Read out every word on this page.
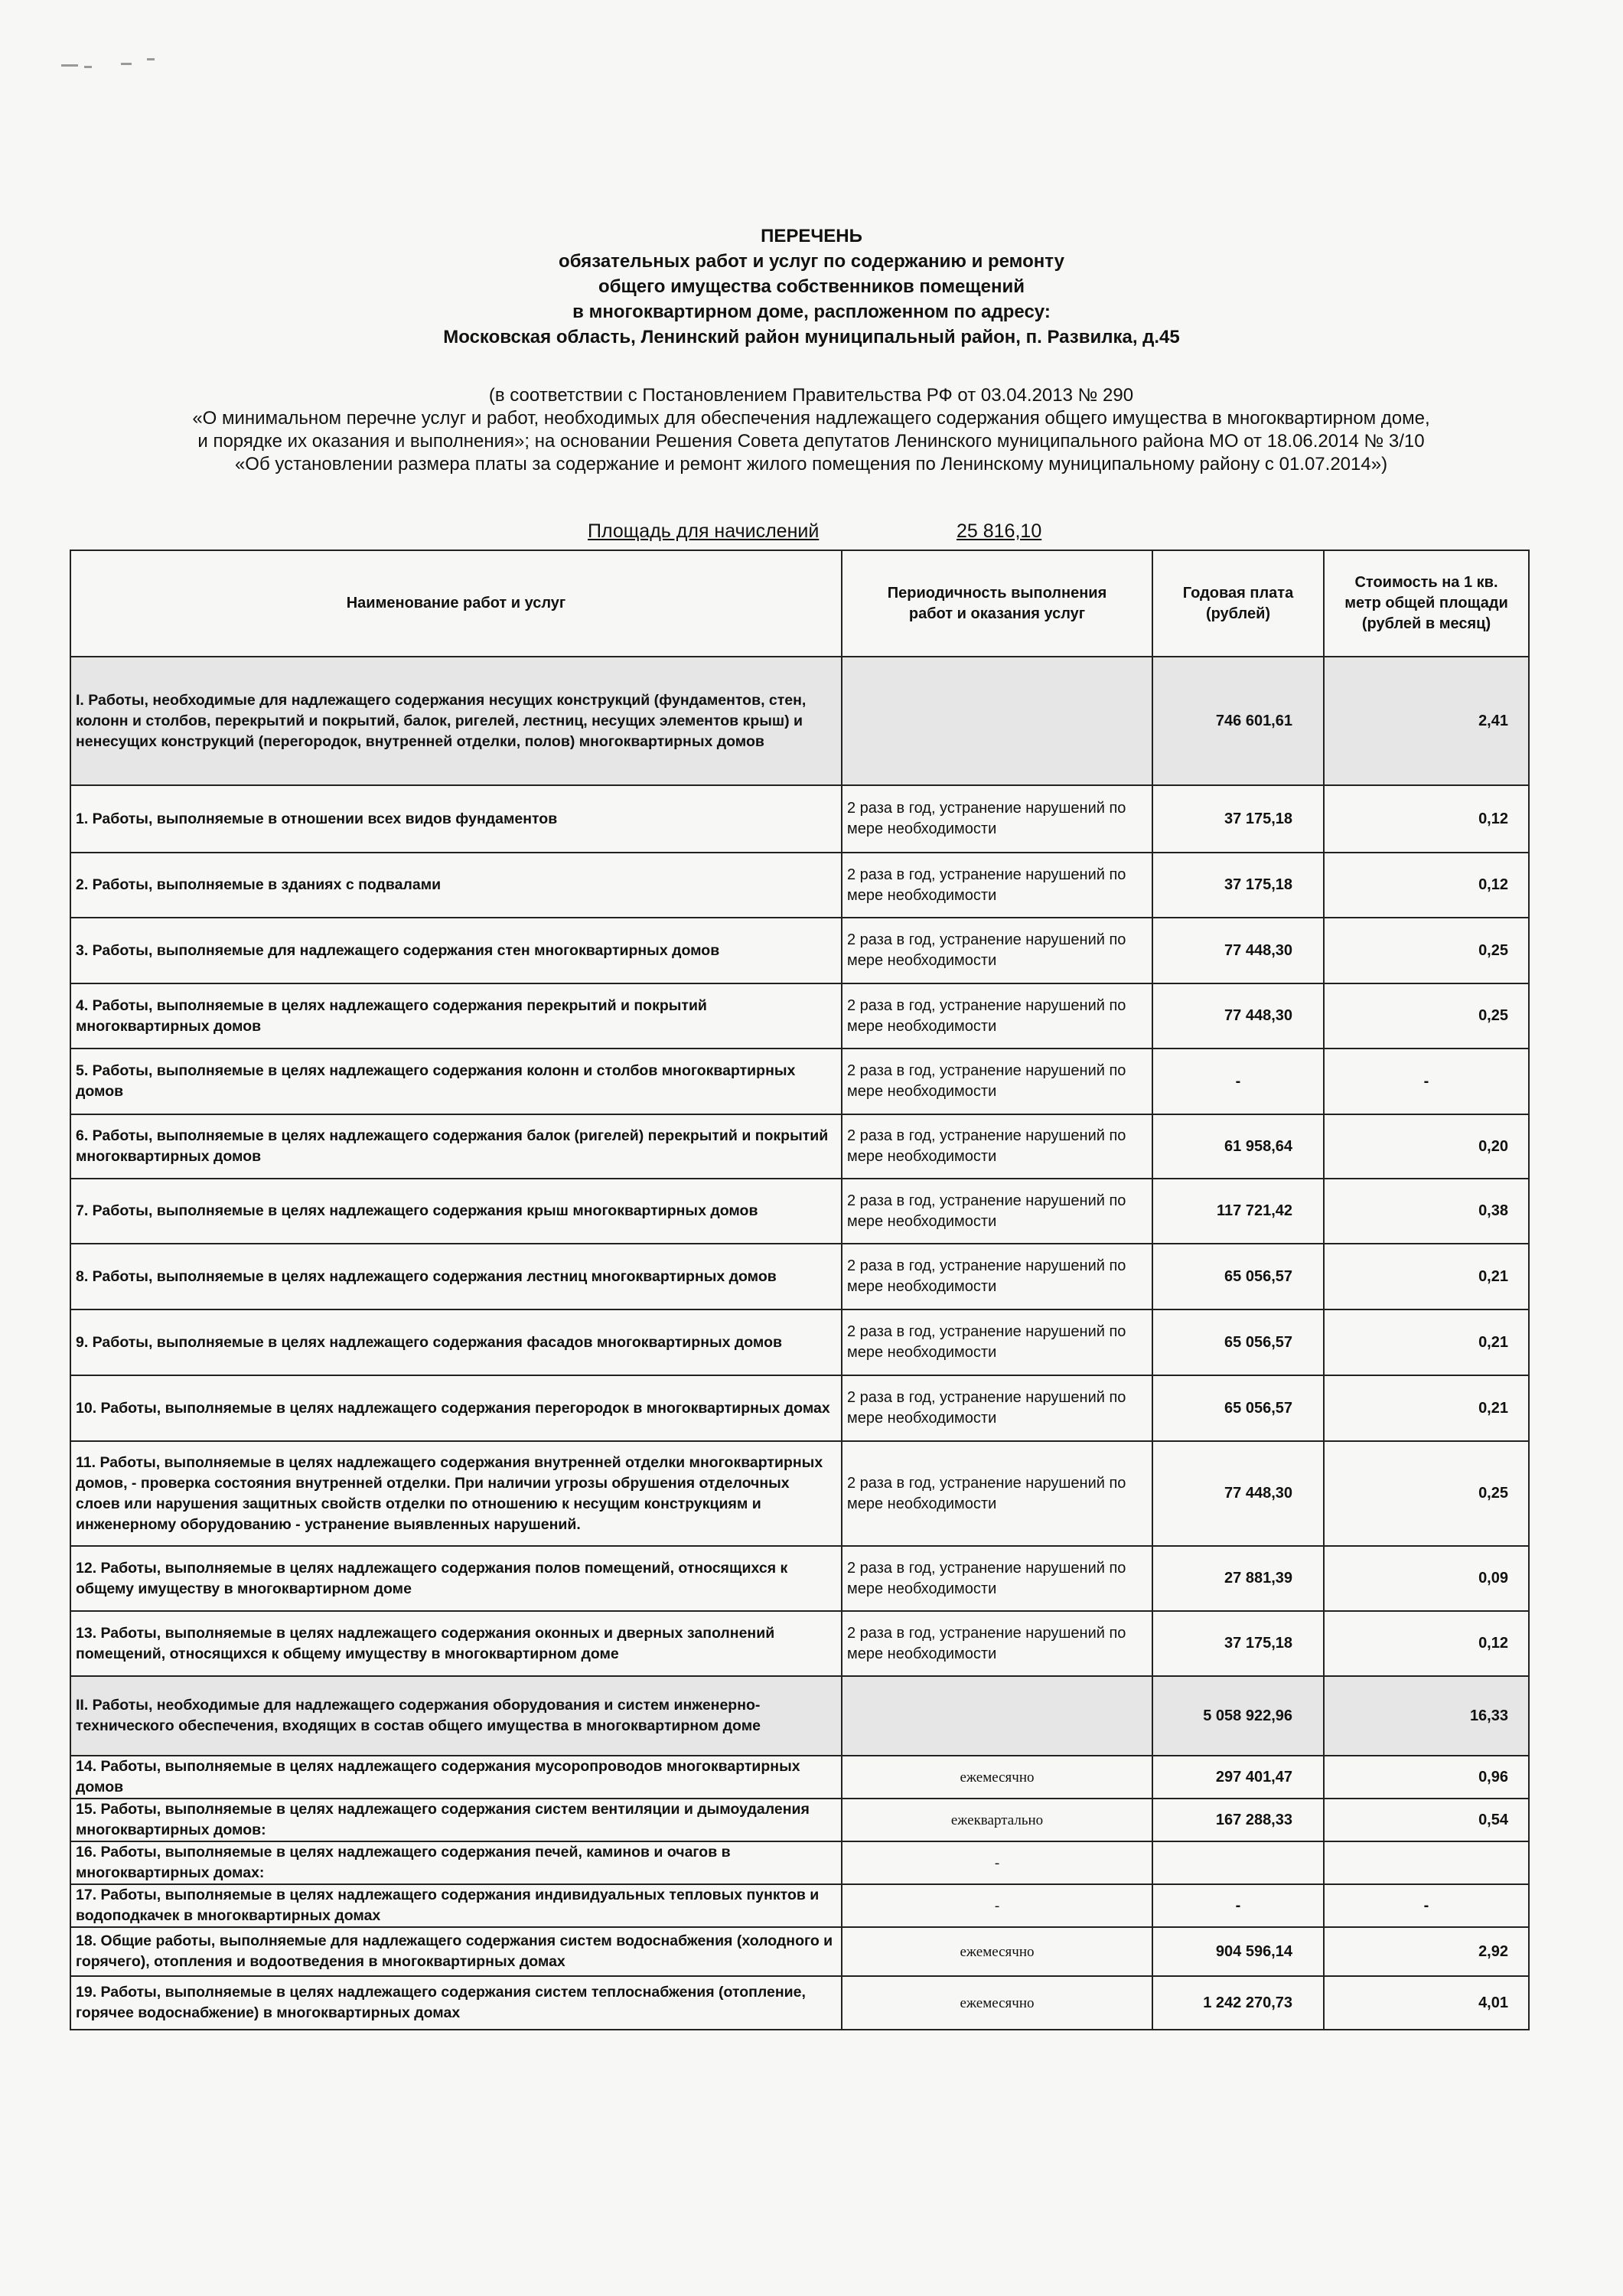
ПЕРЕЧЕНЬ
обязательных работ и услуг по содержанию и ремонту
общего имущества собственников помещений
в многоквартирном доме, распложенном по адресу:
Московская область, Ленинский район муниципальный район, п. Развилка, д.45
(в соответствии с Постановлением Правительства РФ от 03.04.2013 № 290
«О минимальном перечне услуг и работ, необходимых для обеспечения надлежащего содержания общего имущества в многоквартирном доме,
и порядке их оказания и выполнения»; на основании Решения Совета депутатов Ленинского муниципального района МО от 18.06.2014 № 3/10
«Об установлении размера платы за содержание и ремонт жилого помещения по Ленинскому муниципальному району с 01.07.2014»)
Площадь для начислений	25 816,10
Наименование работ и услуг	Периодичность выполнения работ и оказания услуг	Годовая плата (рублей)	Стоимость на 1 кв. метр общей площади (рублей в месяц)
I. Работы, необходимые для надлежащего содержания несущих конструкций (фундаментов, стен, колонн и столбов, перекрытий и покрытий, балок, ригелей, лестниц, несущих элементов крыш) и ненесущих конструкций (перегородок, внутренней отделки, полов) многоквартирных домов		746 601,61	2,41
1. Работы, выполняемые в отношении всех видов фундаментов	2 раза в год, устранение нарушений по мере необходимости	37 175,18	0,12
2. Работы, выполняемые в зданиях с подвалами	2 раза в год, устранение нарушений по мере необходимости	37 175,18	0,12
3. Работы, выполняемые для надлежащего содержания стен многоквартирных домов	2 раза в год, устранение нарушений по мере необходимости	77 448,30	0,25
4. Работы, выполняемые в целях надлежащего содержания перекрытий и покрытий многоквартирных домов	2 раза в год, устранение нарушений по мере необходимости	77 448,30	0,25
5. Работы, выполняемые в целях надлежащего содержания колонн и столбов многоквартирных домов	2 раза в год, устранение нарушений по мере необходимости	-	-
6. Работы, выполняемые в целях надлежащего содержания балок (ригелей) перекрытий и покрытий многоквартирных домов	2 раза в год, устранение нарушений по мере необходимости	61 958,64	0,20
7. Работы, выполняемые в целях надлежащего содержания крыш многоквартирных домов	2 раза в год, устранение нарушений по мере необходимости	117 721,42	0,38
8. Работы, выполняемые в целях надлежащего содержания лестниц многоквартирных домов	2 раза в год, устранение нарушений по мере необходимости	65 056,57	0,21
9. Работы, выполняемые в целях надлежащего содержания фасадов многоквартирных домов	2 раза в год, устранение нарушений по мере необходимости	65 056,57	0,21
10. Работы, выполняемые в целях надлежащего содержания перегородок в многоквартирных домах	2 раза в год, устранение нарушений по мере необходимости	65 056,57	0,21
11. Работы, выполняемые в целях надлежащего содержания внутренней отделки многоквартирных домов, - проверка состояния внутренней отделки. При наличии угрозы обрушения отделочных слоев или нарушения защитных свойств отделки по отношению к несущим конструкциям и инженерному оборудованию - устранение выявленных нарушений.	2 раза в год, устранение нарушений по мере необходимости	77 448,30	0,25
12. Работы, выполняемые в целях надлежащего содержания полов помещений, относящихся к общему имуществу в многоквартирном доме	2 раза в год, устранение нарушений по мере необходимости	27 881,39	0,09
13. Работы, выполняемые в целях надлежащего содержания оконных и дверных заполнений помещений, относящихся к общему имуществу в многоквартирном доме	2 раза в год, устранение нарушений по мере необходимости	37 175,18	0,12
II. Работы, необходимые для надлежащего содержания оборудования и систем инженерно-технического обеспечения, входящих в состав общего имущества в многоквартирном доме		5 058 922,96	16,33
14. Работы, выполняемые в целях надлежащего содержания мусоропроводов многоквартирных домов	ежемесячно	297 401,47	0,96
15. Работы, выполняемые в целях надлежащего содержания систем вентиляции и дымоудаления многоквартирных домов:	ежеквартально	167 288,33	0,54
16. Работы, выполняемые в целях надлежащего содержания печей, каминов и очагов в многоквартирных домах:	-		
17. Работы, выполняемые в целях надлежащего содержания индивидуальных тепловых пунктов и водоподкачек в многоквартирных домах	-	-	-
18. Общие работы, выполняемые для надлежащего содержания систем водоснабжения (холодного и горячего), отопления и водоотведения в многоквартирных домах	ежемесячно	904 596,14	2,92
19. Работы, выполняемые в целях надлежащего содержания систем теплоснабжения (отопление, горячее водоснабжение) в многоквартирных домах	ежемесячно	1 242 270,73	4,01
